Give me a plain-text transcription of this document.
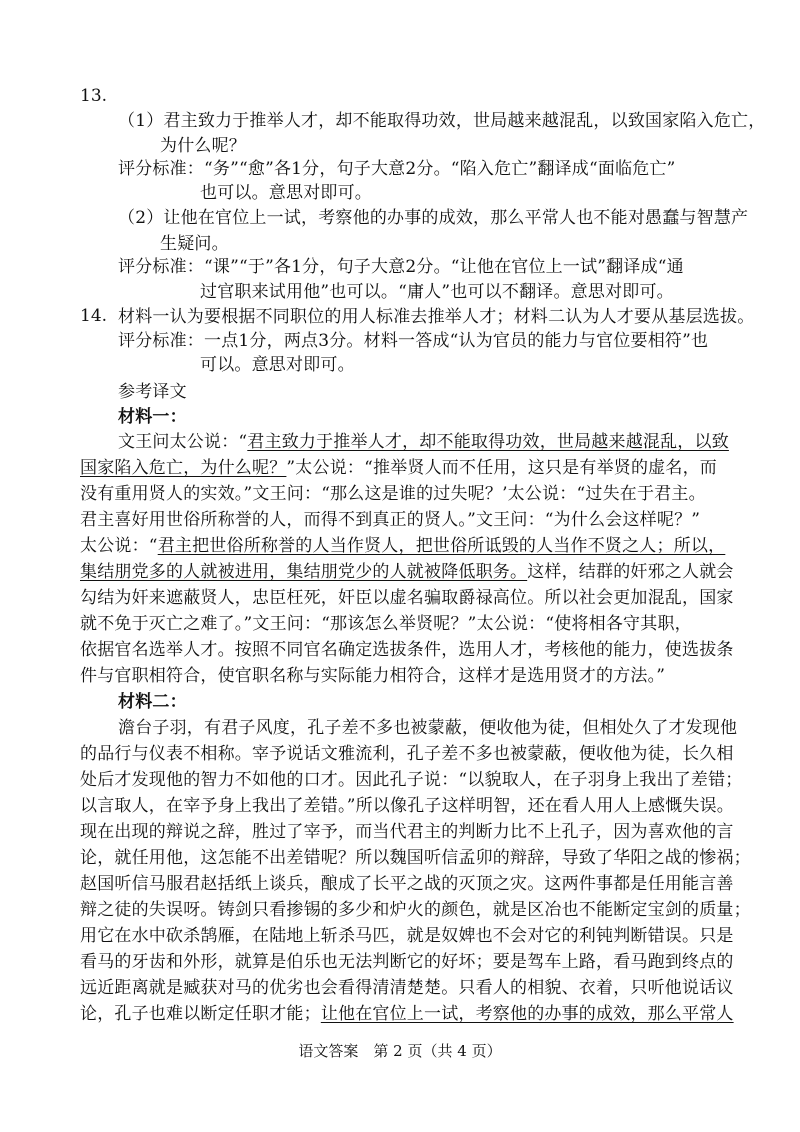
13.
（1）君主致力于推举人才，却不能取得功效，世局越来越混乱，以致国家陷入危亡，
为什么呢？
评分标准：“务”“愈”各1分，句子大意2分。“陷入危亡”翻译成“面临危亡”
也可以。意思对即可。
（2）让他在官位上一试，考察他的办事的成效，那么平常人也不能对愚蠢与智慧产
生疑问。
评分标准：“课”“于”各1分，句子大意2分。“让他在官位上一试”翻译成“通
过官职来试用他”也可以。“庸人”也可以不翻译。意思对即可。
14. 材料一认为要根据不同职位的用人标准去推举人才；材料二认为人才要从基层选拔。
评分标准：一点1分，两点3分。材料一答成“认为官员的能力与官位要相符”也
可以。意思对即可。
参考译文
材料一：
文王问太公说：“君主致力于推举人才，却不能取得功效，世局越来越混乱，以致
国家陷入危亡，为什么呢？”太公说：“推举贤人而不任用，这只是有举贤的虚名，而
没有重用贤人的实效。”文王问：“那么这是谁的过失呢？’太公说：“过失在于君主。
君主喜好用世俗所称誉的人，而得不到真正的贤人。”文王问：“为什么会这样呢？”
太公说：“君主把世俗所称誉的人当作贤人，把世俗所诋毁的人当作不贤之人；所以，
集结朋党多的人就被进用，集结朋党少的人就被降低职务。这样，结群的奸邪之人就会
勾结为奸来遮蔽贤人，忠臣枉死，奸臣以虚名骗取爵禄高位。所以社会更加混乱，国家
就不免于灭亡之难了。”文王问：“那该怎么举贤呢？”太公说：“使将相各守其职，
依据官名选举人才。按照不同官名确定选拔条件，选用人才，考核他的能力，使选拔条
件与官职相符合，使官职名称与实际能力相符合，这样才是选用贤才的方法。”
材料二：
澹台子羽，有君子风度，孔子差不多也被蒙蔽，便收他为徒，但相处久了才发现他
的品行与仪表不相称。宰予说话文雅流利，孔子差不多也被蒙蔽，便收他为徒，长久相
处后才发现他的智力不如他的口才。因此孔子说：“以貌取人，在子羽身上我出了差错；
以言取人，在宰予身上我出了差错。”所以像孔子这样明智，还在看人用人上感慨失误。
现在出现的辩说之辞，胜过了宰予，而当代君主的判断力比不上孔子，因为喜欢他的言
论，就任用他，这怎能不出差错呢？所以魏国听信孟卯的辩辞，导致了华阳之战的惨祸；
赵国听信马服君赵括纸上谈兵，酿成了长平之战的灭顶之灾。这两件事都是任用能言善
辩之徒的失误呀。铸剑只看掺锡的多少和炉火的颜色，就是区冶也不能断定宝剑的质量；
用它在水中砍杀鹄雁，在陆地上斩杀马匹，就是奴婢也不会对它的利钝判断错误。只是
看马的牙齿和外形，就算是伯乐也无法判断它的好坏；要是驾车上路，看马跑到终点的
远近距离就是臧获对马的优劣也会看得清清楚楚。只看人的相貌、衣着，只听他说话议
论，孔子也难以断定任职才能；让他在官位上一试，考察他的办事的成效，那么平常人
语文答案　第 2 页（共 4 页）
